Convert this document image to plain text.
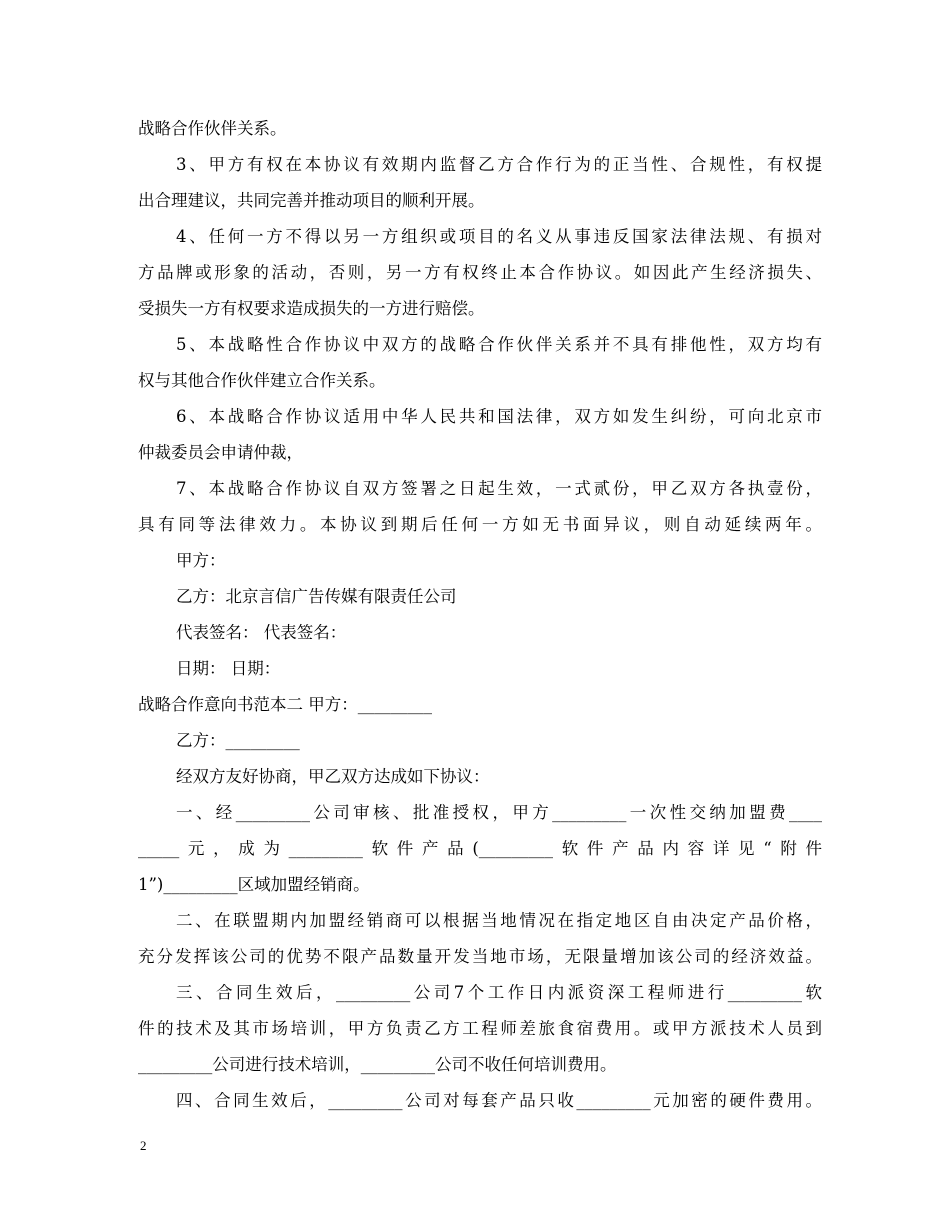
战略合作伙伴关系。
3、甲方有权在本协议有效期内监督乙方合作行为的正当性、合规性，有权提
出合理建议，共同完善并推动项目的顺利开展。
4、任何一方不得以另一方组织或项目的名义从事违反国家法律法规、有损对
方品牌或形象的活动，否则，另一方有权终止本合作协议。如因此产生经济损失、
受损失一方有权要求造成损失的一方进行赔偿。
5、本战略性合作协议中双方的战略合作伙伴关系并不具有排他性，双方均有
权与其他合作伙伴建立合作关系。
6、本战略合作协议适用中华人民共和国法律，双方如发生纠纷，可向北京市
仲裁委员会申请仲裁，
7、本战略合作协议自双方签署之日起生效，一式贰份，甲乙双方各执壹份，
具有同等法律效力。本协议到期后任何一方如无书面异议，则自动延续两年。
甲方：
乙方：北京言信广告传媒有限责任公司
代表签名： 代表签名：
日期： 日期：
战略合作意向书范本二 甲方：_________
乙方：_________
经双方友好协商，甲乙双方达成如下协议：
一、经_________公司审核、批准授权，甲方_________一次性交纳加盟费____
_____元，成为_________软件产品(_________软件产品内容详见“附件
1”)_________区域加盟经销商。
二、在联盟期内加盟经销商可以根据当地情况在指定地区自由决定产品价格，
充分发挥该公司的优势不限产品数量开发当地市场，无限量增加该公司的经济效益。
三、合同生效后，_________公司7个工作日内派资深工程师进行_________软
件的技术及其市场培训，甲方负责乙方工程师差旅食宿费用。或甲方派技术人员到
_________公司进行技术培训，_________公司不收任何培训费用。
四、合同生效后，_________公司对每套产品只收_________元加密的硬件费用。
2
